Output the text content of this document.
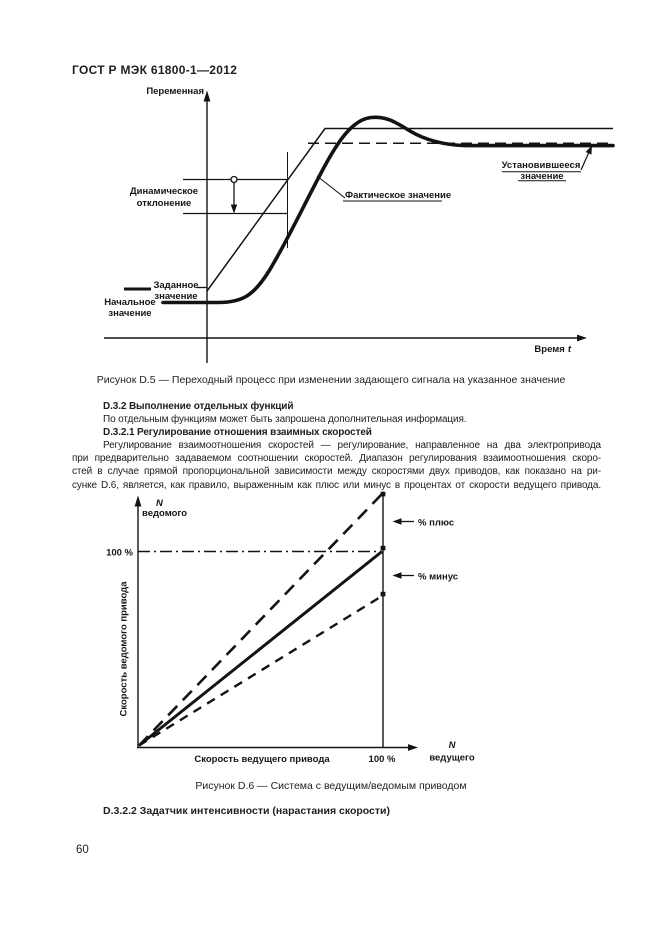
ГОСТ Р МЭК 61800-1—2012
Переменная
Время t
Динамическое
отклонение
Заданное
значение
Начальное
значение
Фактическое значение
Установившееся
значение
Рисунок D.5 — Переходный процесс при изменении задающего сигнала на указанное значение
D.3.2 Выполнение отдельных функций
По отдельным функциям может быть запрошена дополнительная информация.
D.3.2.1 Регулирование отношения взаимных скоростей
Регулирование взаимоотношения скоростей — регулирование, направленное на два электропривода
при предварительно задаваемом соотношении скоростей. Диапазон регулирования взаимоотношения скоро-
стей в случае прямой пропорциональной зависимости между скоростями двух приводов, как показано на ри-
сунке D.6, является, как правило, выраженным как плюс или минус в процентах от скорости ведущего привода.
N
ведомого
100 %
Скорость ведомого привода
% плюс
% минус
Скорость ведущего привода	100 %
N
ведущего
Рисунок D.6 — Система с ведущим/ведомым приводом
D.3.2.2 Задатчик интенсивности (нарастания скорости)
60
